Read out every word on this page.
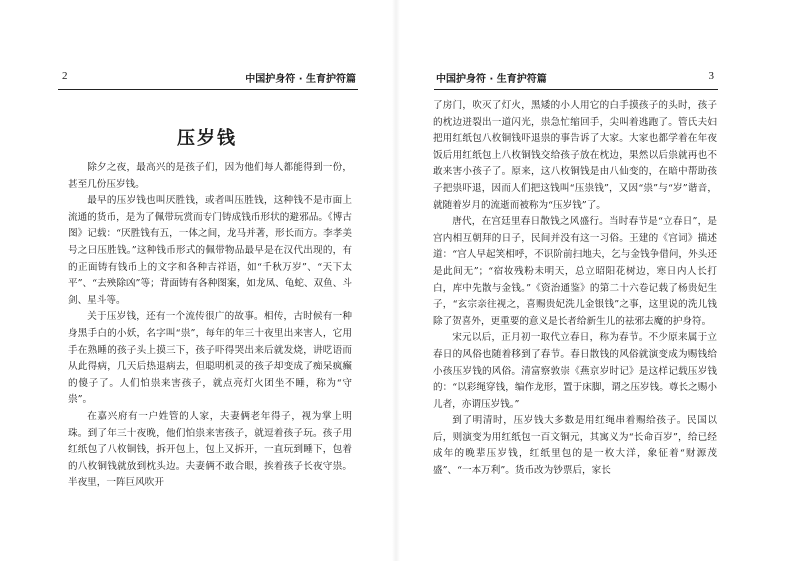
2	中国护身符 · 生育护符篇
压岁钱

除夕之夜，最高兴的是孩子们，因为他们每人都能得到一份，甚至几份压岁钱。

最早的压岁钱也叫厌胜钱，或者叫压胜钱，这种钱不是市面上流通的货币，是为了佩带玩赏而专门铸成钱币形状的避邪品。《博古图》记载：“厌胜钱有五，一体之间，龙马并著，形长而方。李孝美号之曰压胜钱。”这种钱币形式的佩带物品最早是在汉代出现的，有的正面铸有钱币上的文字和各种吉祥语，如“千秋万岁”、“天下太平”、“去殃除凶”等；背面铸有各种图案，如龙凤、龟蛇、双鱼、斗剑、星斗等。

关于压岁钱，还有一个流传很广的故事。相传，古时候有一种身黑手白的小妖，名字叫“祟”，每年的年三十夜里出来害人，它用手在熟睡的孩子头上摸三下，孩子吓得哭出来后就发烧，讲呓语而从此得病，几天后热退病去，但聪明机灵的孩子却变成了痴呆疯癫的傻子了。人们怕祟来害孩子，就点亮灯火团坐不睡，称为“守祟”。

在嘉兴府有一户姓管的人家，夫妻俩老年得子，视为掌上明珠。到了年三十夜晚，他们怕祟来害孩子，就逗着孩子玩。孩子用红纸包了八枚铜钱，拆开包上，包上又拆开，一直玩到睡下，包着的八枚铜钱就放到枕头边。夫妻俩不敢合眼，挨着孩子长夜守祟。半夜里，一阵巨风吹开

中国护身符 · 生育护符篇	3

了房门，吹灭了灯火，黑矮的小人用它的白手摸孩子的头时，孩子的枕边迸裂出一道闪光，祟急忙缩回手，尖叫着逃跑了。管氏夫妇把用红纸包八枚铜钱吓退祟的事告诉了大家。大家也都学着在年夜饭后用红纸包上八枚铜钱交给孩子放在枕边，果然以后祟就再也不敢来害小孩子了。原来，这八枚铜钱是由八仙变的，在暗中帮助孩子把祟吓退，因而人们把这钱叫“压祟钱”，又因“祟”与“岁”谐音，就随着岁月的流逝而被称为“压岁钱”了。

唐代，在宫廷里春日散钱之风盛行。当时春节是“立春日”，是宫内相互朝拜的日子，民间并没有这一习俗。王建的《宫词》描述道：“宫人早起笑相呼，不识阶前扫地夫，乞与金钱争借问，外头还是此间无”；“宿妆残粉未明天，总立昭阳花树边，寒日内人长打白，库中先散与金钱。”《资治通鉴》的第二十六卷记载了杨贵妃生子，“玄宗亲往视之，喜赐贵妃洗儿金银钱”之事，这里说的洗儿钱除了贺喜外，更重要的意义是长者给新生儿的祛邪去魔的护身符。

宋元以后，正月初一取代立春日，称为春节。不少原来属于立春日的风俗也随着移到了春节。春日散钱的风俗就演变成为赐钱给小孩压岁钱的风俗。清富察敦崇《燕京岁时记》是这样记载压岁钱的：“以彩绳穿钱，编作龙形，置于床脚，谓之压岁钱。尊长之赐小儿者，亦谓压岁钱。”

到了明清时，压岁钱大多数是用红绳串着赐给孩子。民国以后，则演变为用红纸包一百文铜元，其寓义为“长命百岁”，给已经成年的晚辈压岁钱，红纸里包的是一枚大洋，象征着“财源茂盛”、“一本万利”。货币改为钞票后，家长
